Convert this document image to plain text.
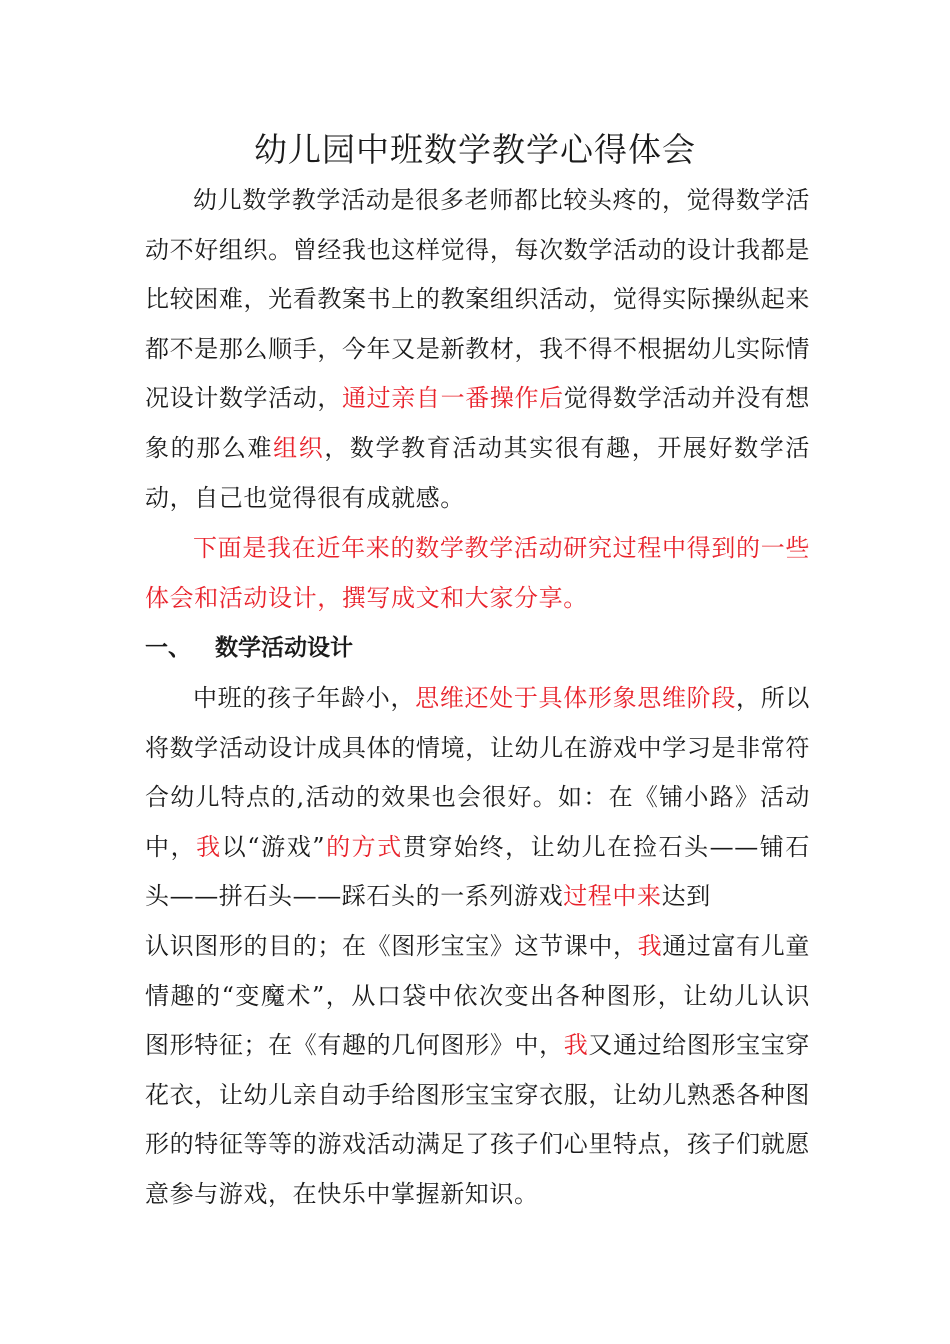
幼儿园中班数学教学心得体会

幼儿数学教学活动是很多老师都比较头疼的，觉得数学活动不好组织。曾经我也这样觉得，每次数学活动的设计我都是比较困难，光看教案书上的教案组织活动，觉得实际操纵起来都不是那么顺手，今年又是新教材，我不得不根据幼儿实际情况设计数学活动，通过亲自一番操作后觉得数学活动并没有想象的那么难组织，数学教育活动其实很有趣，开展好数学活动，自己也觉得很有成就感。

下面是我在近年来的数学教学活动研究过程中得到的一些体会和活动设计，撰写成文和大家分享。

一、 数学活动设计

中班的孩子年龄小，思维还处于具体形象思维阶段，所以将数学活动设计成具体的情境，让幼儿在游戏中学习是非常符合幼儿特点的,活动的效果也会很好。如：在《铺小路》活动中，我以“游戏”的方式贯穿始终，让幼儿在捡石头——铺石头——拼石头——踩石头的一系列游戏过程中来达到

认识图形的目的；在《图形宝宝》这节课中，我通过富有儿童情趣的“变魔术”，从口袋中依次变出各种图形，让幼儿认识图形特征；在《有趣的几何图形》中，我又通过给图形宝宝穿花衣，让幼儿亲自动手给图形宝宝穿衣服，让幼儿熟悉各种图形的特征等等的游戏活动满足了孩子们心里特点，孩子们就愿意参与游戏，在快乐中掌握新知识。
